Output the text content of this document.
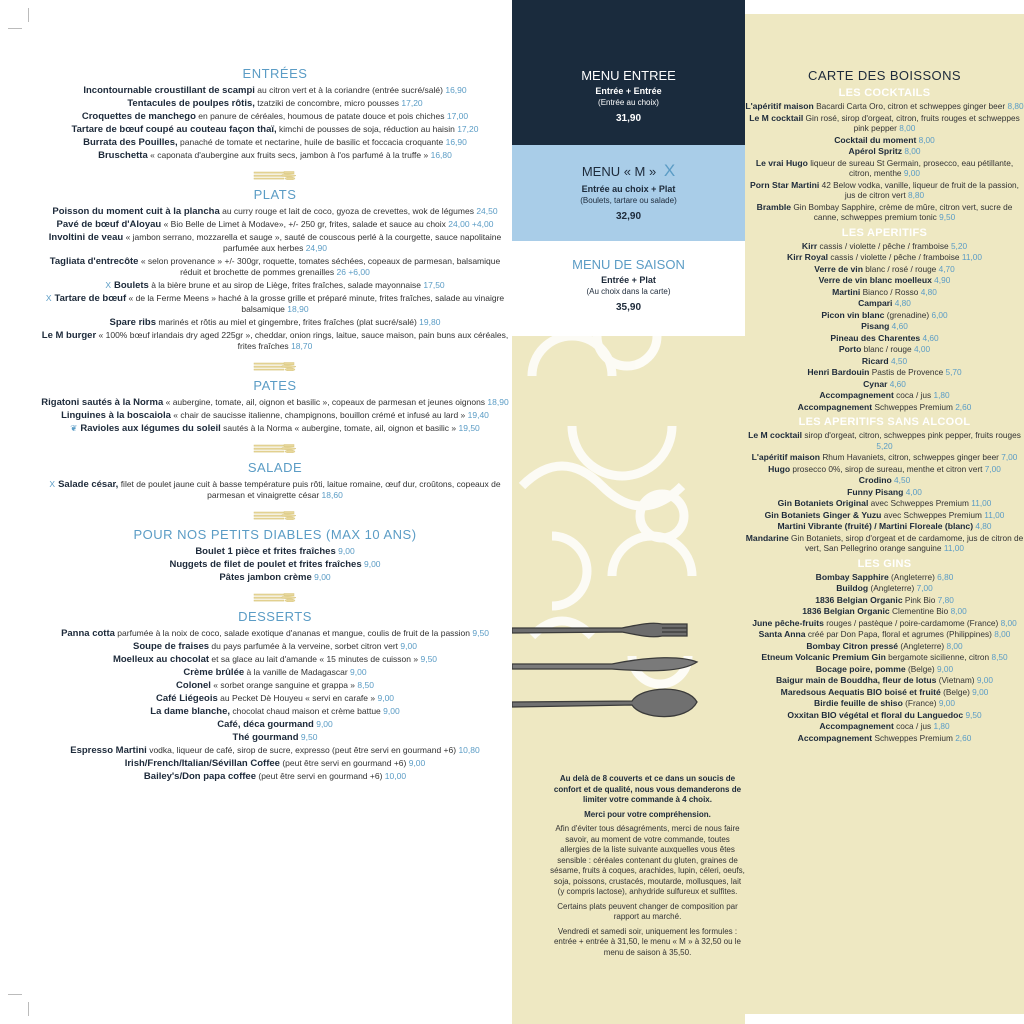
ENTRÉES
Incontournable croustillant de scampi au citron vert et à la coriandre (entrée sucré/salé) 16,90
Tentacules de poulpes rôtis, tzatziki de concombre, micro pousses 17,20
Croquettes de manchego en panure de céréales, houmous de patate douce et pois chiches 17,00
Tartare de bœuf coupé au couteau façon thaï, kimchi de pousses de soja, réduction au haisin 17,20
Burrata des Pouilles, panaché de tomate et nectarine, huile de basilic et foccacia croquante 16,90
Bruschetta « caponata d'aubergine aux fruits secs, jambon à l'os parfumé à la truffe » 16,80
PLATS
Poisson du moment cuit à la plancha au curry rouge et lait de coco, gyoza de crevettes, wok de légumes 24,50
Pavé de bœuf d'Aloyau « Bio Belle de Limet à Modave», +/- 250 gr, frites, salade et sauce au choix 24,00 +4,00
Involtini de veau « jambon serrano, mozzarella et sauge », sauté de couscous perlé à la courgette, sauce napolitaine parfumée aux herbes 24,90
Tagliata d'entrecôte « selon provenance » +/- 300gr, roquette, tomates séchées, copeaux de parmesan, balsamique réduit et brochette de pommes grenailles 26 +6,00
X Boulets à la bière brune et au sirop de Liège, frites fraîches, salade mayonnaise 17,50
X Tartare de bœuf « de la Ferme Meens » haché à la grosse grille et préparé minute, frites fraîches, salade au vinaigre balsamique 18,90
Spare ribs marinés et rôtis au miel et gingembre, frites fraîches (plat sucré/salé) 19,80
Le M burger « 100% bœuf irlandais dry aged 225gr », cheddar, onion rings, laitue, sauce maison, pain buns aux céréales, frites fraîches 18,70
PATES
Rigatoni sautés à la Norma « aubergine, tomate, ail, oignon et basilic », copeaux de parmesan et jeunes oignons 18,90
Linguines à la boscaiola « chair de saucisse italienne, champignons, bouillon crémé et infusé au lard » 19,40
❦ Ravioles aux légumes du soleil sautés à la Norma « aubergine, tomate, ail, oignon et basilic » 19,50
SALADE
X Salade césar, filet de poulet jaune cuit à basse température puis rôti, laitue romaine, œuf dur, croûtons, copeaux de parmesan et vinaigrette césar 18,60
POUR NOS PETITS DIABLES (MAX 10 ANS)
Boulet 1 pièce et frites fraîches 9,00
Nuggets de filet de poulet et frites fraîches 9,00
Pâtes jambon crème 9,00
DESSERTS
Panna cotta parfumée à la noix de coco, salade exotique d'ananas et mangue, coulis de fruit de la passion 9,50
Soupe de fraises du pays parfumée à la verveine, sorbet citron vert 9,00
Moelleux au chocolat et sa glace au lait d'amande « 15 minutes de cuisson » 9,50
Crème brûlée à la vanille de Madagascar 9,00
Colonel « sorbet orange sanguine et grappa » 8,50
Café Liégeois au Pecket Dè Houyeu « servi en carafe » 9,00
La dame blanche, chocolat chaud maison et crème battue 9,00
Café, déca gourmand 9,00
Thé gourmand 9,50
Espresso Martini vodka, liqueur de café, sirop de sucre, expresso (peut être servi en gourmand +6) 10,80
Irish/French/Italian/Sévillan Coffee (peut être servi en gourmand +6) 9,00
Bailey's/Don papa coffee (peut être servi en gourmand +6) 10,00
MENU ENTREE
Entrée + Entrée
(Entrée au choix)
31,90
MENU « M » X
Entrée au choix + Plat
(Boulets, tartare ou salade)
32,90
MENU DE SAISON
Entrée + Plat
(Au choix dans la carte)
35,90
Au delà de 8 couverts et ce dans un soucis de confort et de qualité, nous vous demanderons de limiter votre commande à 4 choix.
Merci pour votre compréhension.
Afin d'éviter tous désagréments, merci de nous faire savoir, au moment de votre commande, toutes allergies de la liste suivante auxquelles vous êtes sensible : céréales contenant du gluten, graines de sésame, fruits à coques, arachides, lupin, céleri, oeufs, soja, poissons, crustacés, moutarde, mollusques, lait (y compris lactose), anhydride sulfureux et sulfites.
Certains plats peuvent changer de composition par rapport au marché.
Vendredi et samedi soir, uniquement les formules : entrée + entrée à 31,50, le menu « M » à 32,50 ou le menu de saison à 35,50.
CARTE DES BOISSONS
LES COCKTAILS
L'apéritif maison Bacardi Carta Oro, citron et schweppes ginger beer 8,80
Le M cocktail Gin rosé, sirop d'orgeat, citron, fruits rouges et schweppes pink pepper 8,00
Cocktail du moment 8,00
Apérol Spritz 8,00
Le vrai Hugo liqueur de sureau St Germain, prosecco, eau pétillante, citron, menthe 9,00
Porn Star Martini 42 Below vodka, vanille, liqueur de fruit de la passion, jus de citron vert 8,80
Bramble Gin Bombay Sapphire, crème de mûre, citron vert, sucre de canne, schweppes premium tonic 9,50
LES APERITIFS
Kirr cassis / violette / pêche / framboise 5,20
Kirr Royal cassis / violette / pêche / framboise 11,00
Verre de vin blanc / rosé / rouge 4,70
Verre de vin blanc moelleux 4,90
Martini Bianco / Rosso 4,80
Campari 4,80
Picon vin blanc (grenadine) 6,00
Pisang 4,60
Pineau des Charentes 4,60
Porto blanc / rouge 4,00
Ricard 4,50
Henri Bardouin Pastis de Provence 5,70
Cynar 4,60
Accompagnement coca / jus 1,80
Accompagnement Schweppes Premium 2,60
LES APERITIFS SANS ALCOOL
Le M cocktail sirop d'orgeat, citron, schweppes pink pepper, fruits rouges 5,20
L'apéritif maison Rhum Havaniets, citron, schweppes ginger beer 7,00
Hugo prosecco 0%, sirop de sureau, menthe et citron vert 7,00
Crodino 4,50
Funny Pisang 4,00
Gin Botaniets Original avec Schweppes Premium 11,00
Gin Botaniets Ginger & Yuzu avec Schweppes Premium 11,00
Martini Vibrante (fruité) / Martini Floreale (blanc) 4,80
Mandarine Gin Botaniets, sirop d'orgeat et de cardamome, jus de citron de vert, San Pellegrino orange sanguine 11,00
LES GINS
Bombay Sapphire (Angleterre) 6,80
Buildog (Angleterre) 7,00
1836 Belgian Organic Pink Bio 7,80
1836 Belgian Organic Clementine Bio 8,00
June pêche-fruits rouges / pastèque / poire-cardamome (France) 8,00
Santa Anna créé par Don Papa, floral et agrumes (Philippines) 8,00
Bombay Citron pressé (Angleterre) 8,00
Etneum Volcanic Premium Gin bergamote sicilienne, citron 8,50
Bocage poire, pomme (Belge) 9,00
Baigur main de Bouddha, fleur de lotus (Vietnam) 9,00
Maredsous Aequatis BIO boisé et fruité (Belge) 9,00
Birdie feuille de shiso (France) 9,00
Oxxitan BIO végétal et floral du Languedoc 9,50
Accompagnement coca / jus 1,80
Accompagnement Schweppes Premium 2,60
